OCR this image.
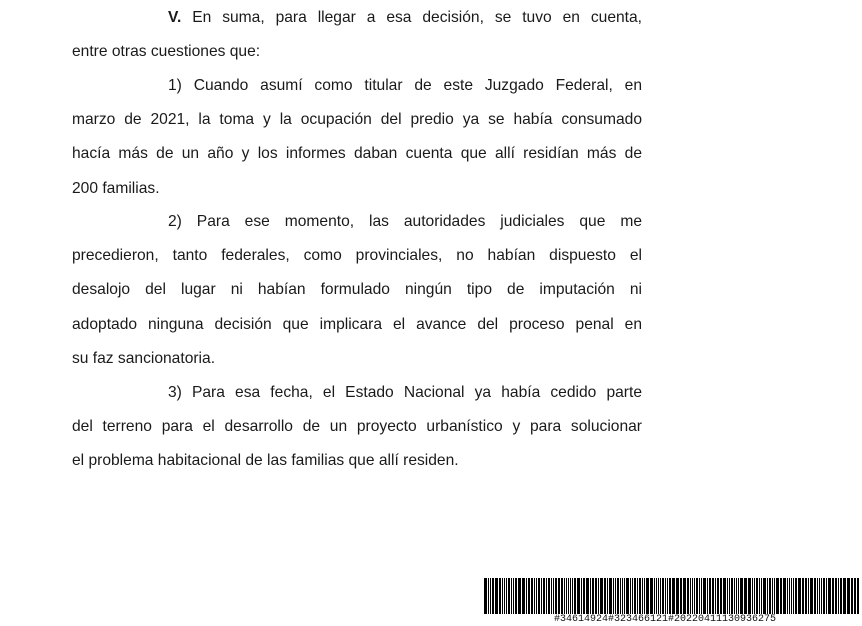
V. En suma, para llegar a esa decisión, se tuvo en cuenta,
entre otras cuestiones que:
1) Cuando asumí como titular de este Juzgado Federal, en
marzo de 2021, la toma y la ocupación del predio ya se había consumado
hacía más de un año y los informes daban cuenta que allí residían más de
200 familias.
2) Para ese momento, las autoridades judiciales que me
precedieron, tanto federales, como provinciales, no habían dispuesto el
desalojo del lugar ni habían formulado ningún tipo de imputación ni
adoptado ninguna decisión que implicara el avance del proceso penal en
su faz sancionatoria.
3) Para esa fecha, el Estado Nacional ya había cedido parte
del terreno para el desarrollo de un proyecto urbanístico y para solucionar
el problema habitacional de las familias que allí residen.
#34614924#323466121#20220411130936275
